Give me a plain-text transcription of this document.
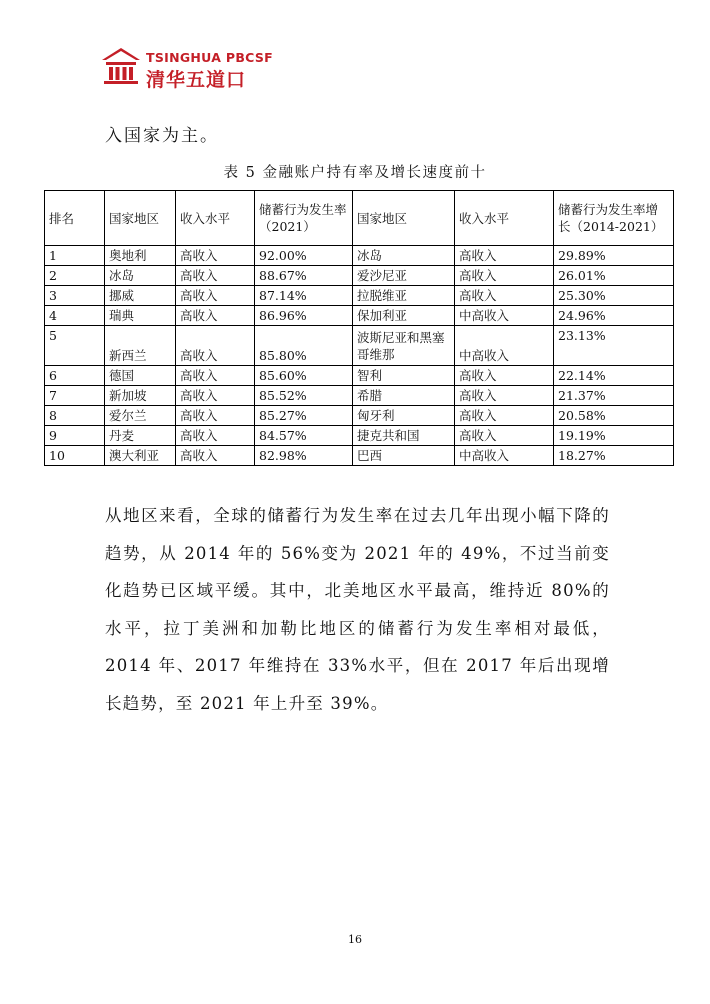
TSINGHUA PBCSF
清华五道口
入国家为主。
表 5 金融账户持有率及增长速度前十
排名	国家地区	收入水平	储蓄行为发生率（2021）	国家地区	收入水平	储蓄行为发生率增长（2014-2021）
1	奥地利	高收入	92.00%	冰岛	高收入	29.89%
2	冰岛	高收入	88.67%	爱沙尼亚	高收入	26.01%
3	挪威	高收入	87.14%	拉脱维亚	高收入	25.30%
4	瑞典	高收入	86.96%	保加利亚	中高收入	24.96%
5	新西兰	高收入	85.80%	波斯尼亚和黑塞哥维那	中高收入	23.13%
6	德国	高收入	85.60%	智利	高收入	22.14%
7	新加坡	高收入	85.52%	希腊	高收入	21.37%
8	爱尔兰	高收入	85.27%	匈牙利	高收入	20.58%
9	丹麦	高收入	84.57%	捷克共和国	高收入	19.19%
10	澳大利亚	高收入	82.98%	巴西	中高收入	18.27%
从地区来看，全球的储蓄行为发生率在过去几年出现小幅下降的趋势，从 2014 年的 56%变为 2021 年的 49%，不过当前变化趋势已区域平缓。其中，北美地区水平最高，维持近 80%的水平，拉丁美洲和加勒比地区的储蓄行为发生率相对最低，2014 年、2017 年维持在 33%水平，但在 2017 年后出现增长趋势，至 2021 年上升至 39%。
16
